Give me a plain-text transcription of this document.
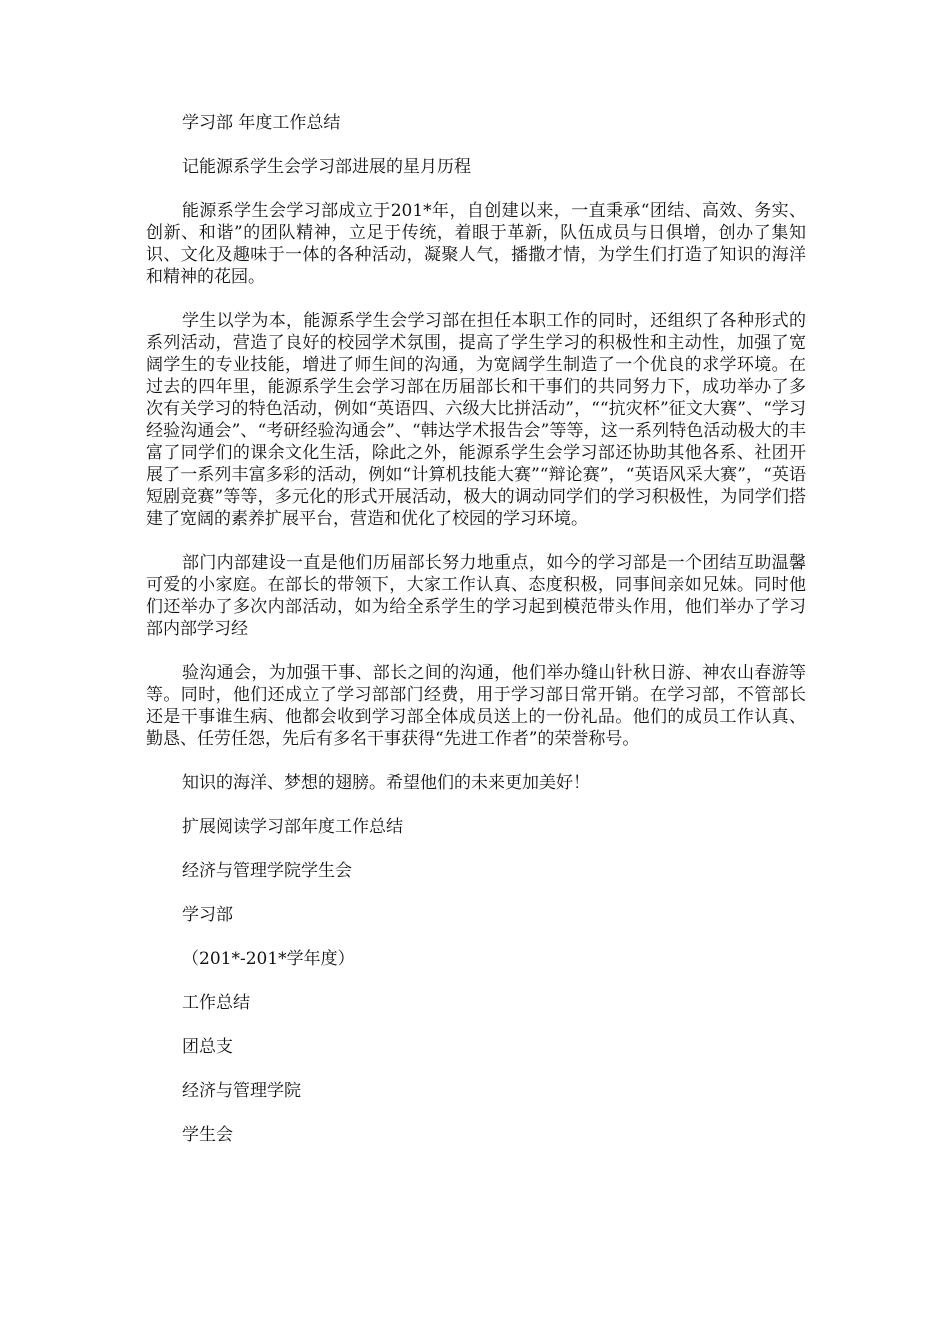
学习部 年度工作总结

记能源系学生会学习部进展的星月历程

能源系学生会学习部成立于201*年，自创建以来，一直秉承“团结、高效、务实、创新、和谐”的团队精神，立足于传统，着眼于革新，队伍成员与日俱增，创办了集知识、文化及趣味于一体的各种活动，凝聚人气，播撒才情，为学生们打造了知识的海洋和精神的花园。

学生以学为本，能源系学生会学习部在担任本职工作的同时，还组织了各种形式的系列活动，营造了良好的校园学术氛围，提高了学生学习的积极性和主动性，加强了宽阔学生的专业技能，增进了师生间的沟通，为宽阔学生制造了一个优良的求学环境。在过去的四年里，能源系学生会学习部在历届部长和干事们的共同努力下，成功举办了多次有关学习的特色活动，例如“英语四、六级大比拼活动”，““抗灾杯”征文大赛”、“学习经验沟通会”、“考研经验沟通会”、“韩达学术报告会”等等，这一系列特色活动极大的丰富了同学们的课余文化生活，除此之外，能源系学生会学习部还协助其他各系、社团开展了一系列丰富多彩的活动，例如“计算机技能大赛”“辩论赛”，“英语风采大赛”，“英语短剧竞赛”等等，多元化的形式开展活动，极大的调动同学们的学习积极性，为同学们搭建了宽阔的素养扩展平台，营造和优化了校园的学习环境。

部门内部建设一直是他们历届部长努力地重点，如今的学习部是一个团结互助温馨可爱的小家庭。在部长的带领下，大家工作认真、态度积极，同事间亲如兄妹。同时他们还举办了多次内部活动，如为给全系学生的学习起到模范带头作用，他们举办了学习部内部学习经

验沟通会，为加强干事、部长之间的沟通，他们举办缝山针秋日游、神农山春游等等。同时，他们还成立了学习部部门经费，用于学习部日常开销。在学习部，不管部长还是干事谁生病、他都会收到学习部全体成员送上的一份礼品。他们的成员工作认真、勤恳、任劳任怨，先后有多名干事获得“先进工作者”的荣誉称号。

知识的海洋、梦想的翅膀。希望他们的未来更加美好！

扩展阅读学习部年度工作总结

经济与管理学院学生会

学习部

（201*-201*学年度）

工作总结

团总支

经济与管理学院

学生会
